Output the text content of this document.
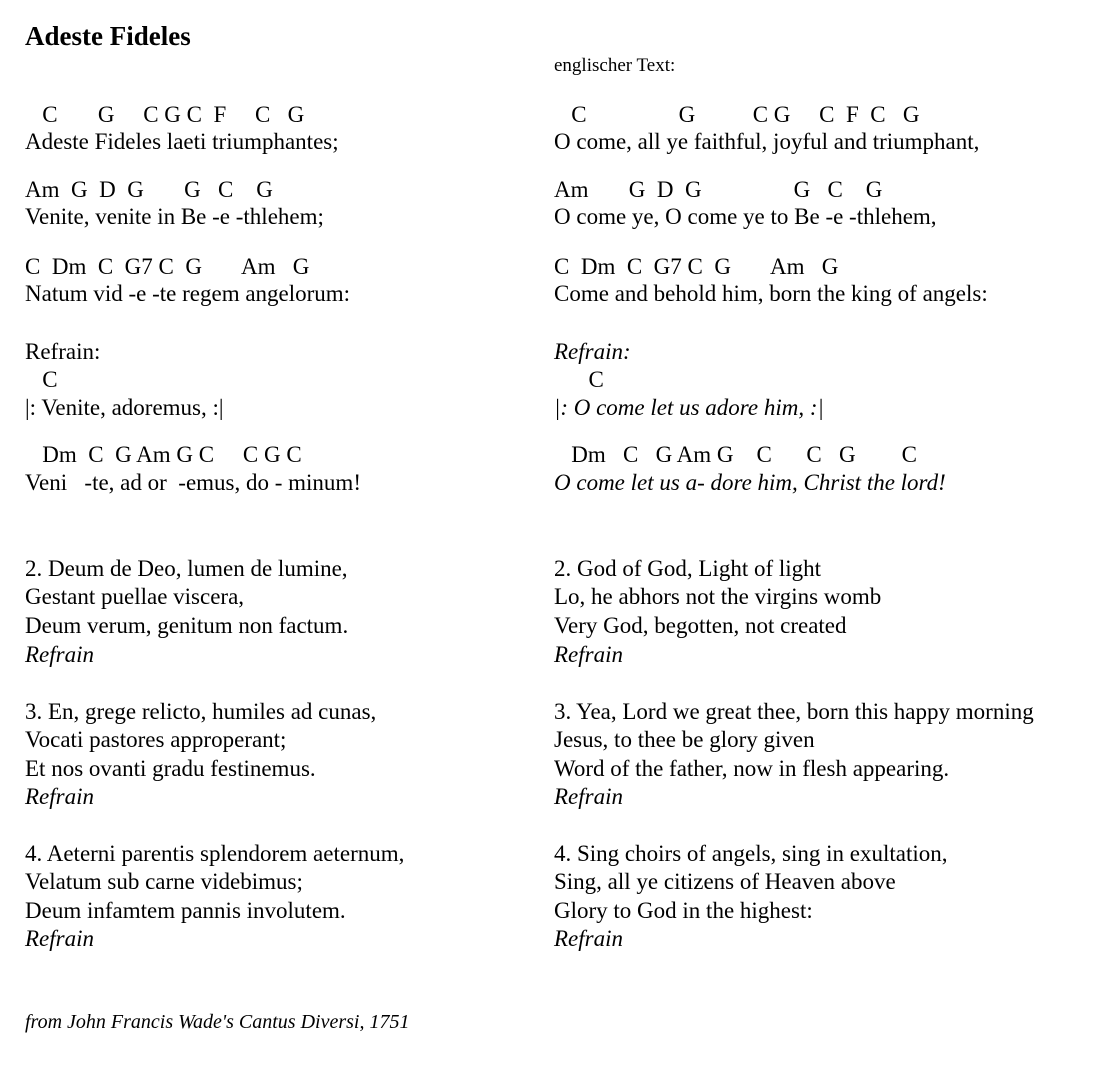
Adeste Fideles
englischer Text:
C       G     C G C  F     C   G
Adeste Fideles laeti triumphantes;
Am  G  D  G       G   C    G
Venite, venite in Be -e -thlehem;
C  Dm  C  G7 C  G       Am   G
Natum vid -e -te regem angelorum:
Refrain:
C
|: Venite, adoremus, :|
Dm  C  G Am G C     C G C
Veni   -te, ad or  -emus, do - minum!
2. Deum de Deo, lumen de lumine,
Gestant puellae viscera,
Deum verum, genitum non factum.
Refrain
3. En, grege relicto, humiles ad cunas,
Vocati pastores approperant;
Et nos ovanti gradu festinemus.
Refrain
4. Aeterni parentis splendorem aeternum,
Velatum sub carne videbimus;
Deum infamtem pannis involutem.
Refrain
C                G          C G     C  F  C   G
O come, all ye faithful, joyful and triumphant,
Am       G  D  G                G   C    G
O come ye, O come ye to Be -e -thlehem,
C  Dm  C  G7 C  G       Am   G
Come and behold him, born the king of angels:
Refrain:
C
|: O come let us adore him, :|
Dm   C   G Am G    C      C   G        C
O come let us a- dore him, Christ the lord!
2. God of God, Light of light
Lo, he abhors not the virgins womb
Very God, begotten, not created
Refrain
3. Yea, Lord we great thee, born this happy morning
Jesus, to thee be glory given
Word of the father, now in flesh appearing.
Refrain
4. Sing choirs of angels, sing in exultation,
Sing, all ye citizens of Heaven above
Glory to God in the highest:
Refrain
from John Francis Wade's Cantus Diversi, 1751
